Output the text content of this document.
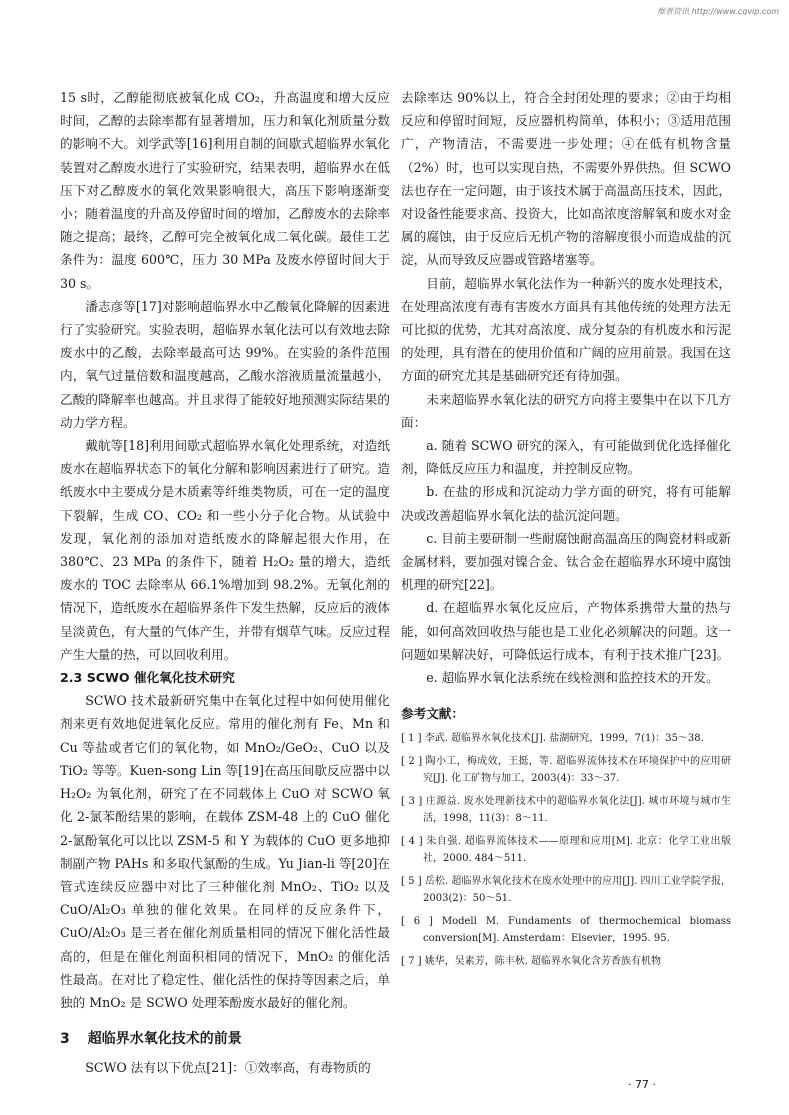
维普资讯 http://www.cqvip.com

15 s时，乙醇能彻底被氧化成 CO₂，升高温度和增大反应时间，乙醇的去除率都有显著增加，压力和氧化剂质量分数的影响不大。刘学武等[16]利用自制的间歇式超临界水氧化装置对乙醇废水进行了实验研究，结果表明，超临界水在低压下对乙醇废水的氧化效果影响很大，高压下影响逐渐变小；随着温度的升高及停留时间的增加，乙醇废水的去除率随之提高；最终，乙醇可完全被氧化成二氧化碳。最佳工艺条件为：温度 600℃，压力 30 MPa 及废水停留时间大于 30 s。

潘志彦等[17]对影响超临界水中乙酸氧化降解的因素进行了实验研究。实验表明，超临界水氧化法可以有效地去除废水中的乙酸，去除率最高可达 99%。在实验的条件范围内，氧气过量倍数和温度越高，乙酸水溶液质量流量越小，乙酸的降解率也越高。并且求得了能较好地预测实际结果的动力学方程。

戴航等[18]利用间歇式超临界水氧化处理系统，对造纸废水在超临界状态下的氧化分解和影响因素进行了研究。造纸废水中主要成分是木质素等纤维类物质，可在一定的温度下裂解，生成 CO、CO₂ 和一些小分子化合物。从试验中发现，氧化剂的添加对造纸废水的降解起很大作用，在 380℃、23 MPa 的条件下，随着 H₂O₂ 量的增大，造纸废水的 TOC 去除率从 66.1%增加到 98.2%。无氧化剂的情况下，造纸废水在超临界条件下发生热解，反应后的液体呈淡黄色，有大量的气体产生，并带有烟草气味。反应过程产生大量的热，可以回收利用。

2.3 SCWO 催化氧化技术研究

SCWO 技术最新研究集中在氧化过程中如何使用催化剂来更有效地促进氧化反应。常用的催化剂有 Fe、Mn 和 Cu 等盐或者它们的氧化物，如 MnO₂/GeO₂、CuO 以及 TiO₂ 等等。Kuen-song Lin 等[19]在高压间歇反应器中以 H₂O₂ 为氧化剂，研究了在不同载体上 CuO 对 SCWO 氧化 2-氯苯酚结果的影响，在载体 ZSM-48 上的 CuO 催化 2-氯酚氧化可以比以 ZSM-5 和 Y 为载体的 CuO 更多地抑制副产物 PAHs 和多取代氯酚的生成。Yu Jian-li 等[20]在管式连续反应器中对比了三种催化剂 MnO₂、TiO₂ 以及 CuO/Al₂O₃ 单独的催化效果。在同样的反应条件下，CuO/Al₂O₃ 是三者在催化剂质量相同的情况下催化活性最高的，但是在催化剂面积相同的情况下，MnO₂ 的催化活性最高。在对比了稳定性、催化活性的保持等因素之后，单独的 MnO₂ 是 SCWO 处理苯酚废水最好的催化剂。

3 超临界水氧化技术的前景

SCWO 法有以下优点[21]：①效率高，有毒物质的

去除率达 90%以上，符合全封闭处理的要求；②由于均相反应和停留时间短，反应器机构简单，体积小；③适用范围广，产物清洁，不需要进一步处理；④在低有机物含量（2%）时，也可以实现自热，不需要外界供热。但 SCWO 法也存在一定问题，由于该技术属于高温高压技术，因此，对设备性能要求高、投资大，比如高浓度溶解氧和废水对金属的腐蚀，由于反应后无机产物的溶解度很小而造成盐的沉淀，从而导致反应器或管路堵塞等。

目前，超临界水氧化法作为一种新兴的废水处理技术，在处理高浓度有毒有害废水方面具有其他传统的处理方法无可比拟的优势，尤其对高浓度、成分复杂的有机废水和污泥的处理，具有潜在的使用价值和广阔的应用前景。我国在这方面的研究尤其是基础研究还有待加强。

未来超临界水氧化法的研究方向将主要集中在以下几方面：

a. 随着 SCWO 研究的深入，有可能做到优化选择催化剂，降低反应压力和温度，并控制反应物。

b. 在盐的形成和沉淀动力学方面的研究，将有可能解决或改善超临界水氧化法的盐沉淀问题。

c. 目前主要研制一些耐腐蚀耐高温高压的陶瓷材料或新金属材料，要加强对镍合金、钛合金在超临界水环境中腐蚀机理的研究[22]。

d. 在超临界水氧化反应后，产物体系携带大量的热与能，如何高效回收热与能也是工业化必须解决的问题。这一问题如果解决好，可降低运行成本，有利于技术推广[23]。

e. 超临界水氧化法系统在线检测和监控技术的开发。

参考文献：

[ 1 ] 李武. 超临界水氧化技术[J]. 盐湖研究，1999，7(1)：35～38.
[ 2 ] 陶小工，梅成效，王挺，等. 超临界流体技术在环境保护中的应用研究[J]. 化工矿物与加工，2003(4)：33～37.
[ 3 ] 庄源益. 废水处理新技术中的超临界水氧化法[J]. 城市环境与城市生活，1998，11(3)：8～11.
[ 4 ] 朱自强. 超临界流体技术——原理和应用[M]. 北京：化学工业出版社，2000. 484～511.
[ 5 ] 岳松. 超临界水氧化技术在废水处理中的应用[J]. 四川工业学院学报，2003(2)：50～51.
[ 6 ] Modell M. Fundaments of thermochemical biomass conversion[M]. Amsterdam：Elsevier，1995. 95.
[ 7 ] 姚华，吴素芳，陈丰秋. 超临界水氧化含芳香族有机物
· 77 ·
